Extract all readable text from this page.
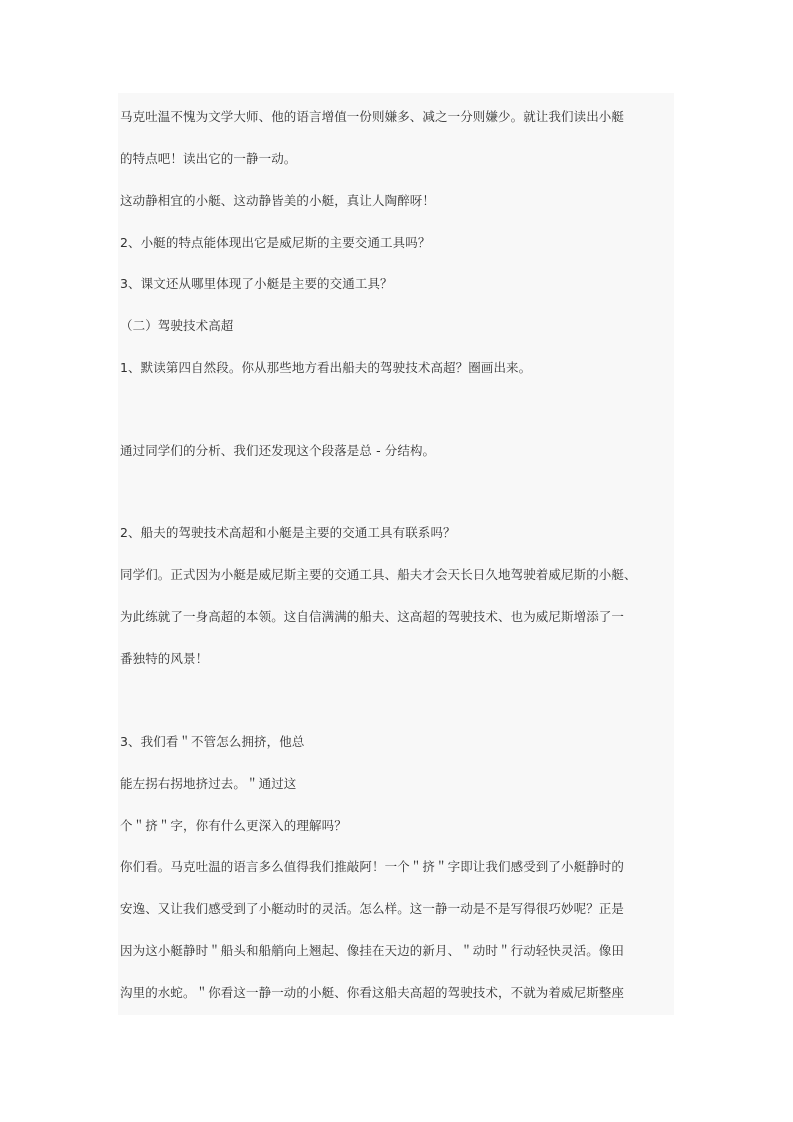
马克吐温不愧为文学大师、他的语言增值一份则嫌多、减之一分则嫌少。就让我们读出小艇

的特点吧！读出它的一静一动。

这动静相宜的小艇、这动静皆美的小艇，真让人陶醉呀！

2、小艇的特点能体现出它是威尼斯的主要交通工具吗？

3、课文还从哪里体现了小艇是主要的交通工具？

（二）驾驶技术高超

1、默读第四自然段。你从那些地方看出船夫的驾驶技术高超？圈画出来。

通过同学们的分析、我们还发现这个段落是总 - 分结构。

2、船夫的驾驶技术高超和小艇是主要的交通工具有联系吗？

同学们。正式因为小艇是威尼斯主要的交通工具、船夫才会天长日久地驾驶着威尼斯的小艇、

为此练就了一身高超的本领。这自信满满的船夫、这高超的驾驶技术、也为威尼斯增添了一

番独特的风景！

3、我们看＂不管怎么拥挤，他总

能左拐右拐地挤过去。＂通过这

个＂挤＂字，你有什么更深入的理解吗？

你们看。马克吐温的语言多么值得我们推敲阿！一个＂挤＂字即让我们感受到了小艇静时的

安逸、又让我们感受到了小艇动时的灵活。怎么样。这一静一动是不是写得很巧妙呢？正是

因为这小艇静时＂船头和船艄向上翘起、像挂在天边的新月、＂动时＂行动轻快灵活。像田

沟里的水蛇。＂你看这一静一动的小艇、你看这船夫高超的驾驶技术，不就为着威尼斯整座
